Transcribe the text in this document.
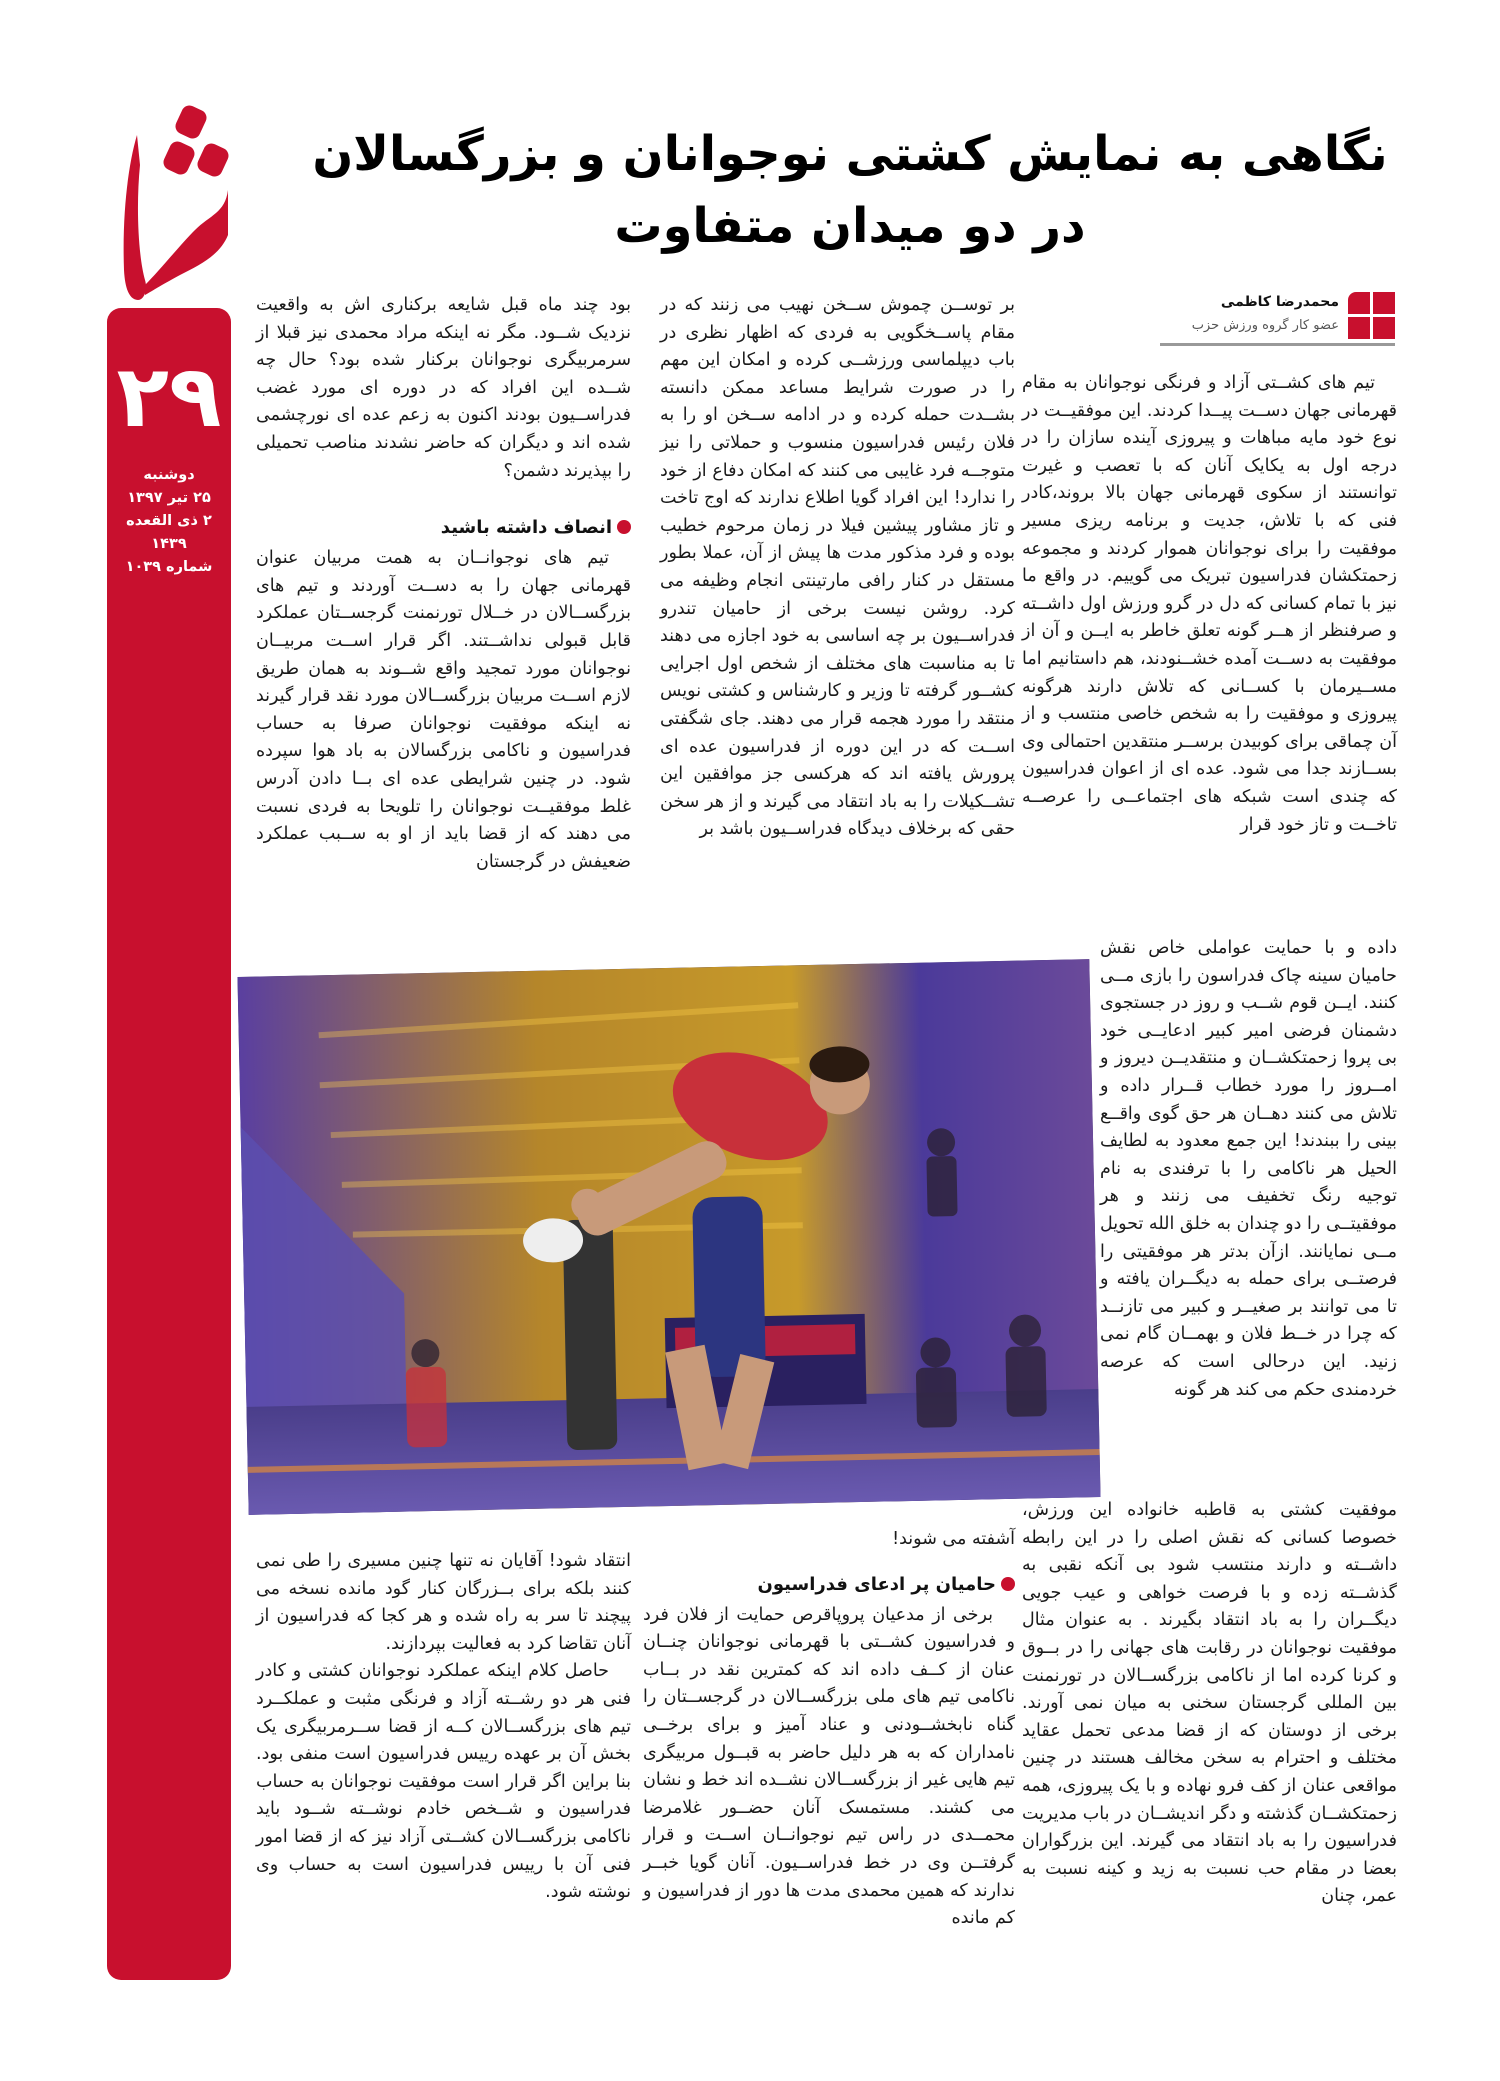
۲۹
دوشنبه
۲۵ تیر ۱۳۹۷
۲ ذی القعده ۱۴۳۹
شماره ۱۰۳۹
نگاهی به نمایش کشتی نوجوانان و بزرگسالان
در دو میدان متفاوت
محمدرضا کاظمی
عضو کار گروه ورزش حزب

تیم های کشــتی آزاد و فرنگی نوجوانان به مقام قهرمانی جهان دســت پیــدا کردند. این موفقیــت در نوع خود مایه مباهات و پیروزی آینده سازان را در درجه اول به یکایک آنان که با تعصب و غیرت توانستند از سکوی قهرمانی جهان بالا بروند،کادر فنی که با تلاش، جدیت و برنامه ریزی مسیر موفقیت را برای نوجوانان هموار کردند و مجموعه زحمتکشان فدراسیون تبریک می گوییم. در واقع ما نیز با تمام کسانی که دل در گرو ورزش اول داشــته و صرفنظر از هــر گونه تعلق خاطر به ایــن و آن از موفقیت به دســت آمده خشــنودند، هم داستانیم اما مســیرمان با کســانی که تلاش دارند هرگونه پیروزی و موفقیت را به شخص خاصی منتسب و از آن چماقی برای کوبیدن برســر منتقدین احتمالی وی بســازند جدا می شود. عده ای از اعوان فدراسیون که چندی است شبکه های اجتماعــی را عرصــه تاخــت و تاز خود قرار

داده و با حمایت عواملی خاص نقش حامیان سینه چاک فدراسون را بازی مــی کنند. ایــن قوم شــب و روز در جستجوی دشمنان فرضی امیر کبیر ادعایــی خود بی پروا زحمتکشــان و منتقدیــن دیروز و امــروز را مورد خطاب قــرار داده و تلاش می کنند دهــان هر حق گوی واقــع بینی را ببندند! این جمع معدود به لطایف الحیل هر ناکامی را با ترفندی به نام توجیه رنگ تخفیف می زنند و هر موفقیتــی را دو چندان به خلق الله تحویل مــی نمایانند. ازآن بدتر هر موفقیتی را فرصتــی برای حمله به دیگــران یافته و تا می توانند بر صغیــر و کبیر می تازنــد که چرا در خــط فلان و بهمــان گام نمی زنید. این درحالی است که عرصه خردمندی حکم می کند هر گونه

موفقیت کشتی به قاطبه خانواده این ورزش، خصوصا کسانی که نقش اصلی را در این رابطه داشــته و دارند منتسب شود بی آنکه نقبی به گذشــته زده و با فرصت خواهی و عیب جویی دیگــران را به باد انتقاد بگیرند . به عنوان مثال موفقیت نوجوانان در رقابت های جهانی را در بــوق و کرنا کرده اما از ناکامی بزرگســالان در تورنمنت بین المللی گرجستان سخنی به میان نمی آورند. برخی از دوستان که از قضا مدعی تحمل عقاید مختلف و احترام به سخن مخالف هستند در چنین مواقعی عنان از کف فرو نهاده و با یک پیروزی، همه زحمتکشــان گذشته و دگر اندیشــان در باب مدیریت فدراسیون را به باد انتقاد می گیرند. این بزرگواران بعضا در مقام حب نسبت به زید و کینه نسبت به عمر، چنان

بر توســن چموش ســخن نهیب می زنند که در مقام پاســخگویی به فردی که اظهار نظری در باب دیپلماسی ورزشــی کرده و امکان این مهم را در صورت شرایط مساعد ممکن دانسته بشــدت حمله کرده و در ادامه ســخن او را به فلان رئیس فدراسیون منسوب و حملاتی را نیز متوجــه فرد غایبی می کنند که امکان دفاع از خود را ندارد! این افراد گویا اطلاع ندارند که اوج تاخت و تاز مشاور پیشین فیلا در زمان مرحوم خطیب بوده و فرد مذکور مدت ها پیش از آن، عملا بطور مستقل در کنار رافی مارتینتی انجام وظیفه می کرد. روشن نیست برخی از حامیان تندرو فدراســیون بر چه اساسی به خود اجازه می دهند تا به مناسبت های مختلف از شخص اول اجرایی کشــور گرفته تا وزیر و کارشناس و کشتی نویس منتقد را مورد هجمه قرار می دهند. جای شگفتی اســت که در این دوره از فدراسیون عده ای پرورش یافته اند که هرکسی جز موافقین این تشــکیلات را به باد انتقاد می گیرند و از هر سخن حقی که برخلاف دیدگاه فدراســیون باشد بر

آشفته می شوند!

حامیان پر ادعای فدراسیون

برخی از مدعیان پروپاقرص حمایت از فلان فرد و فدراسیون کشــتی با قهرمانی نوجوانان چنــان عنان از کــف داده اند که کمترین نقد در بــاب ناکامی تیم های ملی بزرگســالان در گرجســتان را گناه نابخشــودنی و عناد آمیز و برای برخــی نامداران که به هر دلیل حاضر به قبــول مربیگری تیم هایی غیر از بزرگســالان نشــده اند خط و نشان می کشند. مستمسک آنان حضــور غلامرضا محمــدی در راس تیم نوجوانــان اســت و قرار گرفتــن وی در خط فدراســیون. آنان گویا خبــر ندارند که همین محمدی مدت ها دور از فدراسیون و کم مانده

بود چند ماه قبل شایعه برکناری اش به واقعیت نزدیک شــود. مگر نه اینکه مراد محمدی نیز قبلا از سرمربیگری نوجوانان برکنار شده بود؟ حال چه شــده این افراد که در دوره ای مورد غضب فدراســیون بودند اکنون به زعم عده ای نورچشمی شده اند و دیگران که حاضر نشدند مناصب تحمیلی را بپذیرند دشمن؟

انصاف داشته باشید

تیم های نوجوانــان به همت مربیان عنوان قهرمانی جهان را به دســت آوردند و تیم های بزرگســالان در خــلال تورنمنت گرجســتان عملکرد قابل قبولی نداشــتند. اگر قرار اســت مربیــان نوجوانان مورد تمجید واقع شــوند به همان طریق لازم اســت مربیان بزرگســالان مورد نقد قرار گیرند نه اینکه موفقیت نوجوانان صرفا به حساب فدراسیون و ناکامی بزرگسالان به باد هوا سپرده شود. در چنین شرایطی عده ای بــا دادن آدرس غلط موفقیــت نوجوانان را تلویحا به فردی نسبت می دهند که از قضا باید از او به ســبب عملکرد ضعیفش در گرجستان

انتقاد شود! آقایان نه تنها چنین مسیری را طی نمی کنند بلکه برای بــزرگان کنار گود مانده نسخه می پیچند تا سر به راه شده و هر کجا که فدراسیون از آنان تقاضا کرد به فعالیت بپردازند.

حاصل کلام اینکه عملکرد نوجوانان کشتی و کادر فنی هر دو رشــته آزاد و فرنگی مثبت و عملکــرد تیم های بزرگســالان کــه از قضا ســرمربیگری یک بخش آن بر عهده رییس فدراسیون است منفی بود. بنا براین اگر قرار است موفقیت نوجوانان به حساب فدراسیون و شــخص خادم نوشــته شــود باید ناکامی بزرگســالان کشــتی آزاد نیز که از قضا امور فنی آن با رییس فدراسیون است به حساب وی نوشته شود.
